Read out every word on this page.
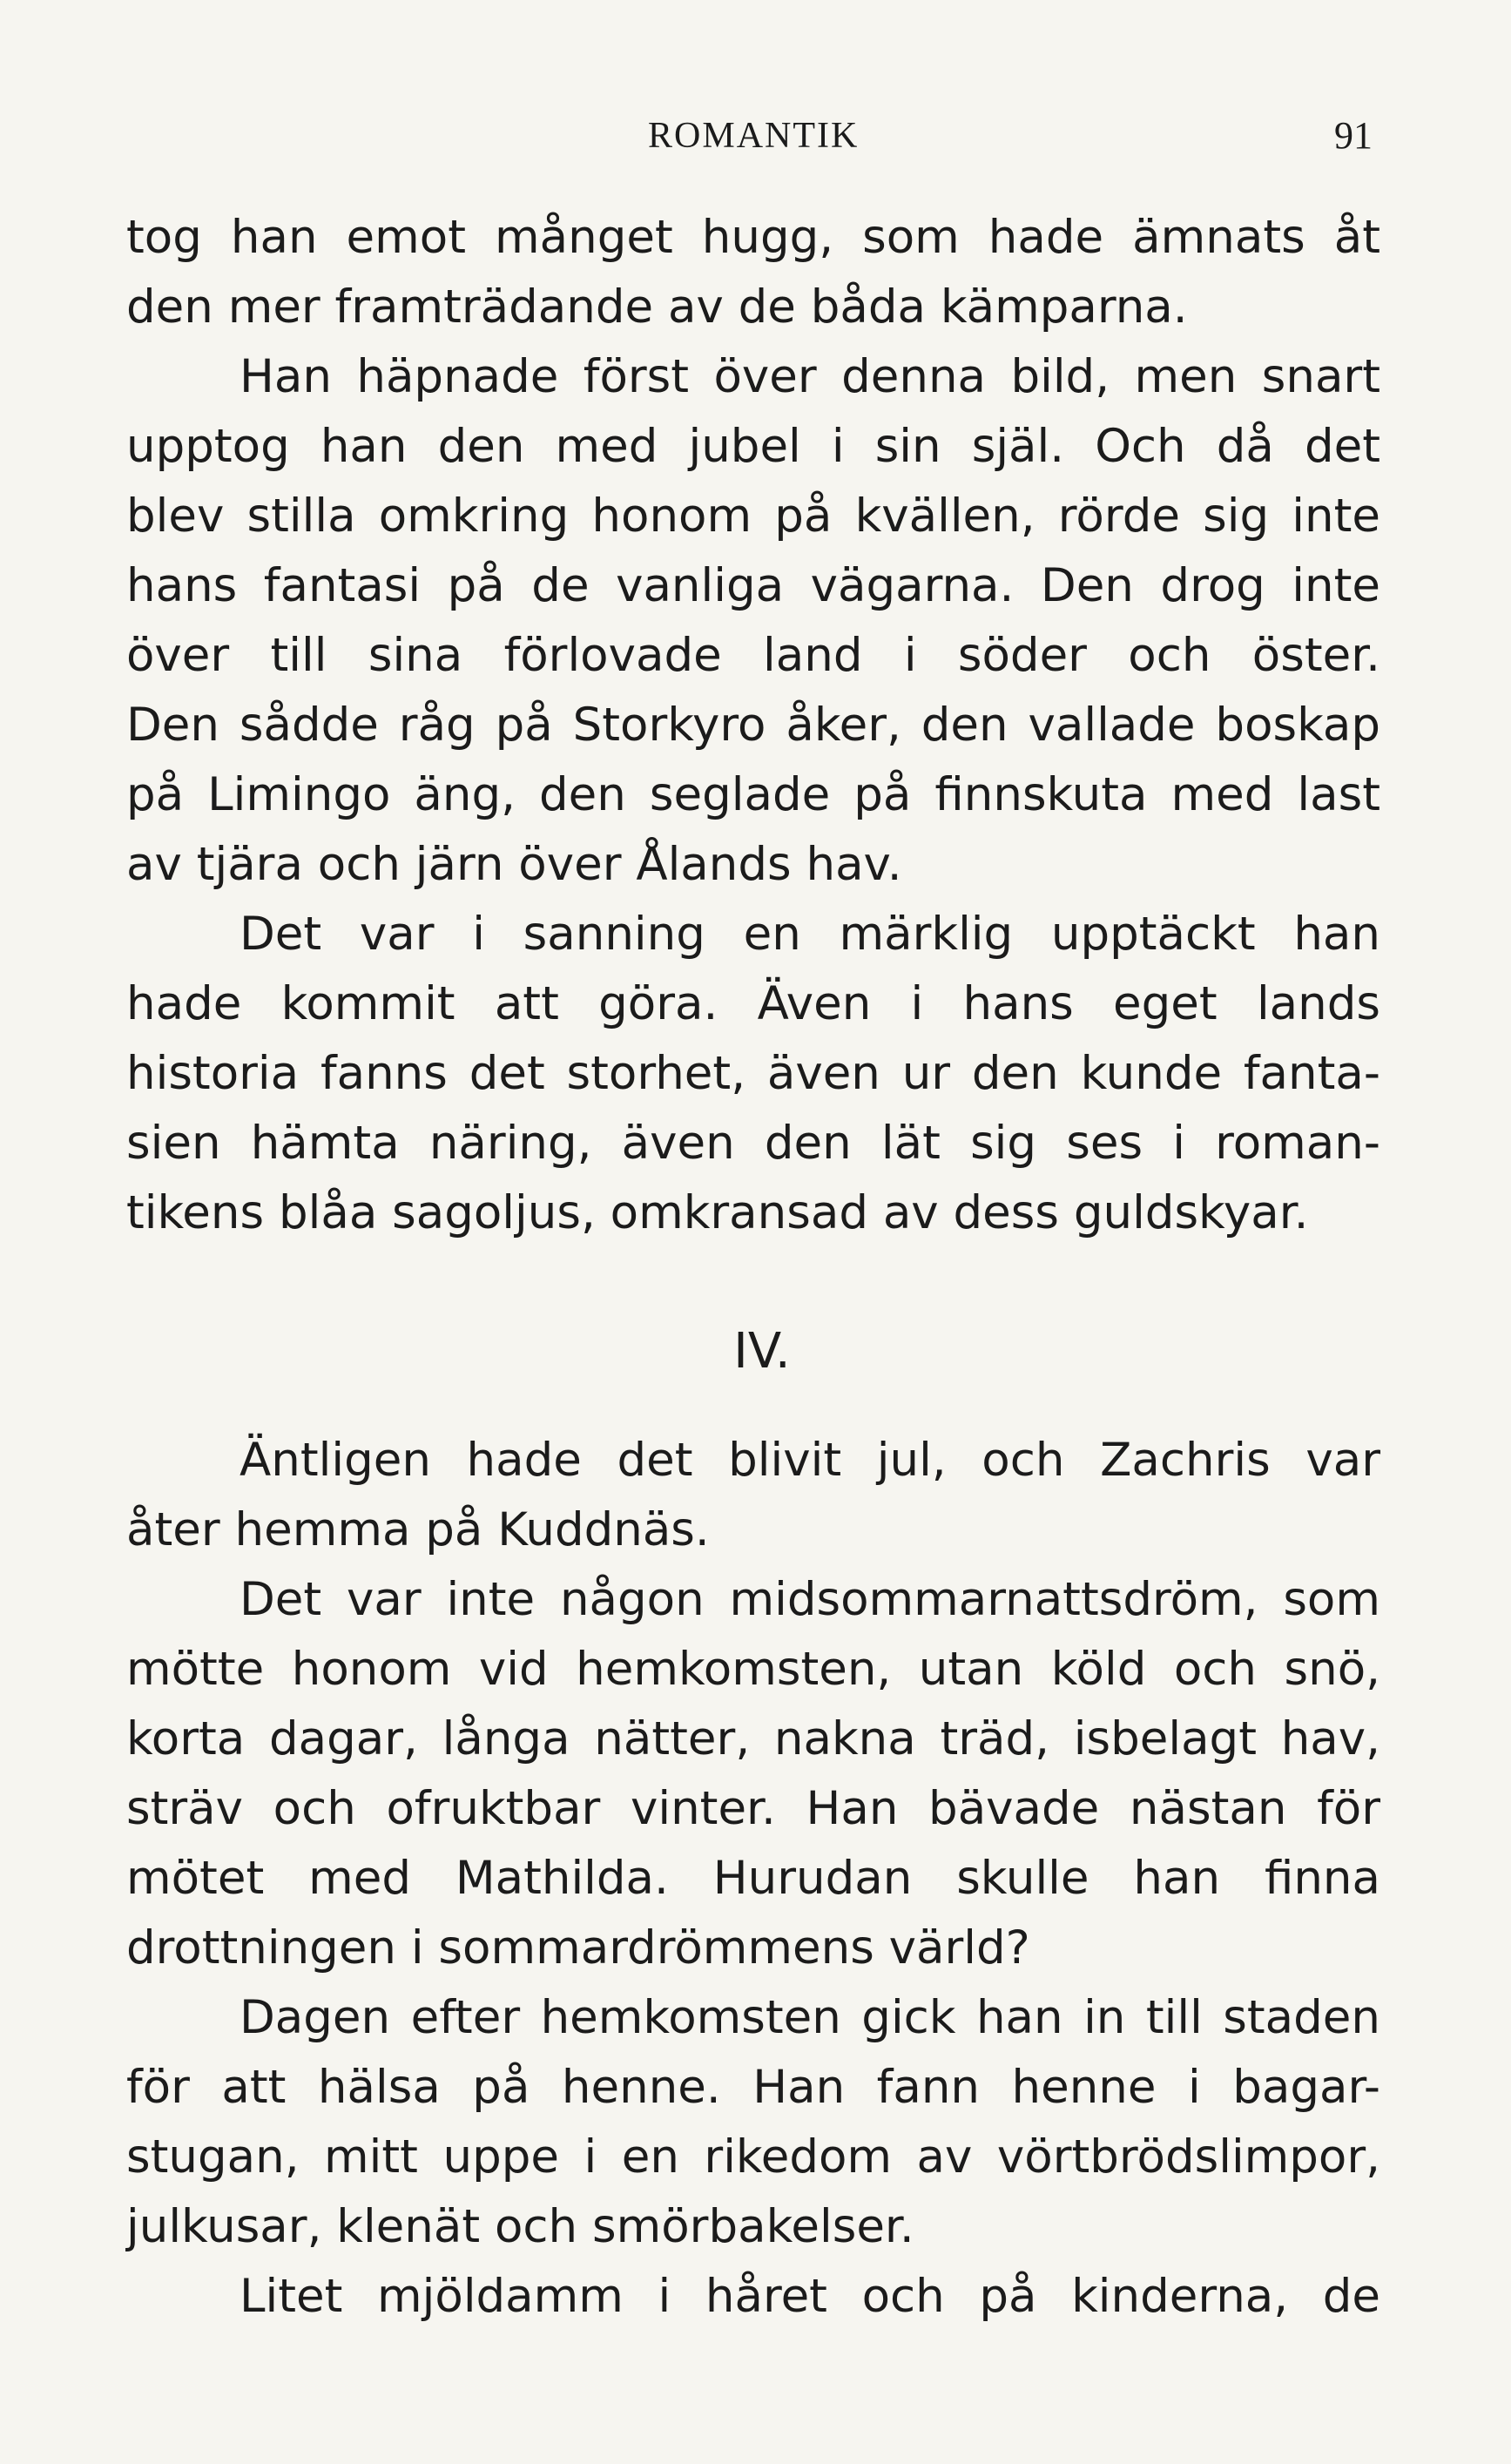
ROMANTIK	91
tog han emot månget hugg, som hade ämnats åt
den mer framträdande av de båda kämparna.
Han häpnade först över denna bild, men snart
upptog han den med jubel i sin själ. Och då det
blev stilla omkring honom på kvällen, rörde sig inte
hans fantasi på de vanliga vägarna. Den drog inte
över till sina förlovade land i söder och öster.
Den sådde råg på Storkyro åker, den vallade boskap
på Limingo äng, den seglade på finnskuta med last
av tjära och järn över Ålands hav.
Det var i sanning en märklig upptäckt han
hade kommit att göra. Även i hans eget lands
historia fanns det storhet, även ur den kunde fanta-
sien hämta näring, även den lät sig ses i roman-
tikens blåa sagoljus, omkransad av dess guldskyar.
IV.
Äntligen hade det blivit jul, och Zachris var
åter hemma på Kuddnäs.
Det var inte någon midsommarnattsdröm, som
mötte honom vid hemkomsten, utan köld och snö,
korta dagar, långa nätter, nakna träd, isbelagt hav,
sträv och ofruktbar vinter. Han bävade nästan för
mötet med Mathilda. Hurudan skulle han finna
drottningen i sommardrömmens värld?
Dagen efter hemkomsten gick han in till staden
för att hälsa på henne. Han fann henne i bagar-
stugan, mitt uppe i en rikedom av vörtbrödslimpor,
julkusar, klenät och smörbakelser.
Litet mjöldamm i håret och på kinderna, de
